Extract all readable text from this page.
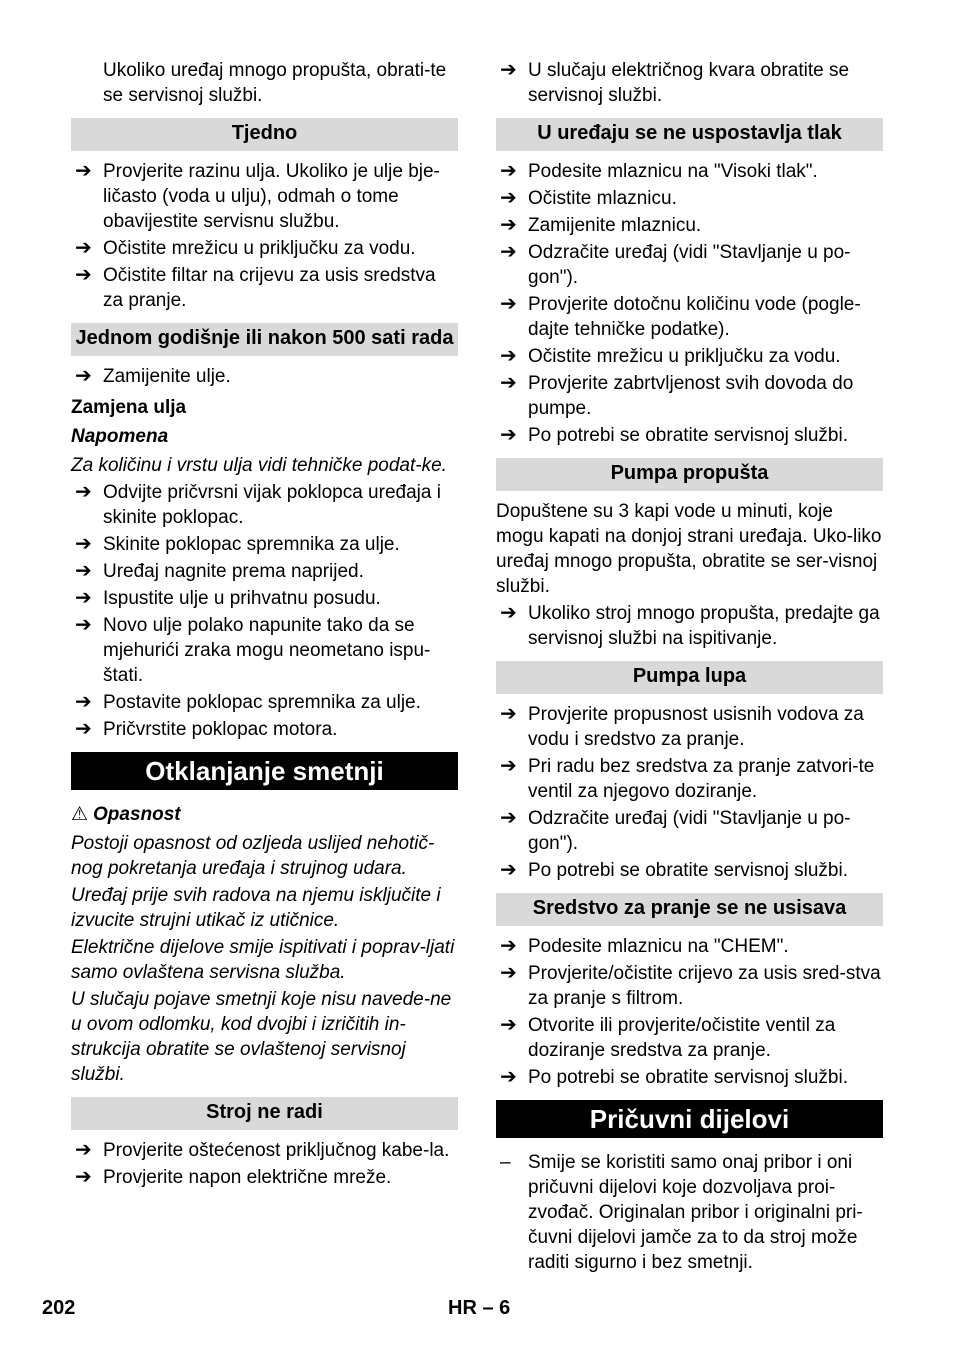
Ukoliko uređaj mnogo propušta, obrati-te se servisnoj službi.
Tjedno
➔ Provjerite razinu ulja. Ukoliko je ulje bje-ličasto (voda u ulju), odmah o tome obavijestite servisnu službu.
➔ Očistite mrežicu u priključku za vodu.
➔ Očistite filtar na crijevu za usis sredstva za pranje.
Jednom godišnje ili nakon 500 sati rada
➔ Zamijenite ulje.
Zamjena ulja
Napomena
Za količinu i vrstu ulja vidi tehničke podat-ke.
➔ Odvijte pričvrsni vijak poklopca uređaja i skinite poklopac.
➔ Skinite poklopac spremnika za ulje.
➔ Uređaj nagnite prema naprijed.
➔ Ispustite ulje u prihvatnu posudu.
➔ Novo ulje polako napunite tako da se mjehurići zraka mogu neometano ispu-štati.
➔ Postavite poklopac spremnika za ulje.
➔ Pričvrstite poklopac motora.
Otklanjanje smetnji
⚠ Opasnost
Postoji opasnost od ozljeda uslijed nehotič-nog pokretanja uređaja i strujnog udara.
Uređaj prije svih radova na njemu isključite i izvucite strujni utikač iz utičnice.
Električne dijelove smije ispitivati i poprav-ljati samo ovlaštena servisna služba.
U slučaju pojave smetnji koje nisu navede-ne u ovom odlomku, kod dvojbi i izričitih in-strukcija obratite se ovlaštenoj servisnoj službi.
Stroj ne radi
➔ Provjerite oštećenost priključnog kabe-la.
➔ Provjerite napon električne mreže.
➔ U slučaju električnog kvara obratite se servisnoj službi.
U uređaju se ne uspostavlja tlak
➔ Podesite mlaznicu na "Visoki tlak".
➔ Očistite mlaznicu.
➔ Zamijenite mlaznicu.
➔ Odzračite uređaj (vidi "Stavljanje u po-gon").
➔ Provjerite dotočnu količinu vode (pogle-dajte tehničke podatke).
➔ Očistite mrežicu u priključku za vodu.
➔ Provjerite zabrtvljenost svih dovoda do pumpe.
➔ Po potrebi se obratite servisnoj službi.
Pumpa propušta
Dopuštene su 3 kapi vode u minuti, koje mogu kapati na donjoj strani uređaja. Uko-liko uređaj mnogo propušta, obratite se ser-visnoj službi.
➔ Ukoliko stroj mnogo propušta, predajte ga servisnoj službi na ispitivanje.
Pumpa lupa
➔ Provjerite propusnost usisnih vodova za vodu i sredstvo za pranje.
➔ Pri radu bez sredstva za pranje zatvori-te ventil za njegovo doziranje.
➔ Odzračite uređaj (vidi "Stavljanje u po-gon").
➔ Po potrebi se obratite servisnoj službi.
Sredstvo za pranje se ne usisava
➔ Podesite mlaznicu na "CHEM".
➔ Provjerite/očistite crijevo za usis sred-stva za pranje s filtrom.
➔ Otvorite ili provjerite/očistite ventil za doziranje sredstva za pranje.
➔ Po potrebi se obratite servisnoj službi.
Pričuvni dijelovi
– Smije se koristiti samo onaj pribor i oni pričuvni dijelovi koje dozvoljava proi-zvođač. Originalan pribor i originalni pri-čuvni dijelovi jamče za to da stroj može raditi sigurno i bez smetnji.
202	HR – 6
